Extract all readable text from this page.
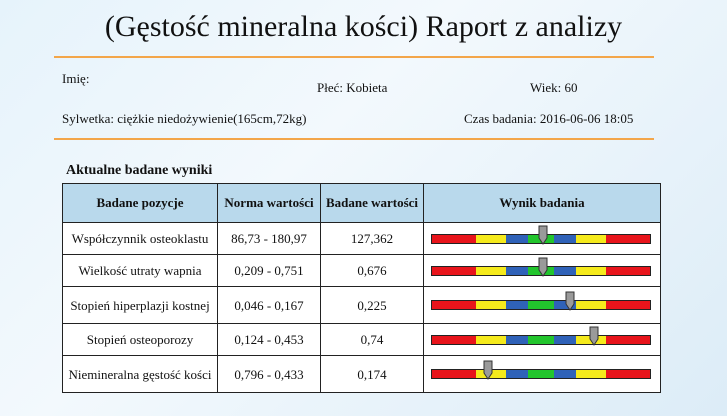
(Gęstość mineralna kości) Raport z analizy
Imię:
Płeć: Kobieta	Wiek: 60
Sylwetka: ciężkie niedożywienie(165cm,72kg)	Czas badania: 2016-06-06 18:05
Aktualne badane wyniki
Badane pozycje	Norma wartości	Badane wartości	Wynik badania
Współczynnik osteoklastu	86,73 - 180,97	127,362	

Wielkość utraty wapnia	0,209 - 0,751	0,676	

Stopień hiperplazji kostnej	0,046 - 0,167	0,225	

Stopień osteoporozy	0,124 - 0,453	0,74	

Niemineralna gęstość kości	0,796 - 0,433	0,174	
